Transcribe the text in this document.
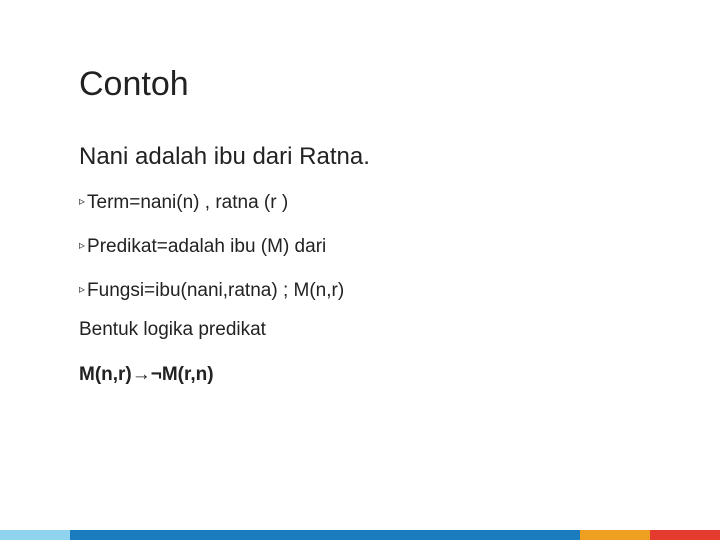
Contoh
Nani adalah ibu dari Ratna.
▹ Term=nani(n) , ratna (r )
▹ Predikat=adalah ibu (M) dari
▹ Fungsi=ibu(nani,ratna) ; M(n,r)
Bentuk logika predikat
M(n,r)→¬M(r,n)
